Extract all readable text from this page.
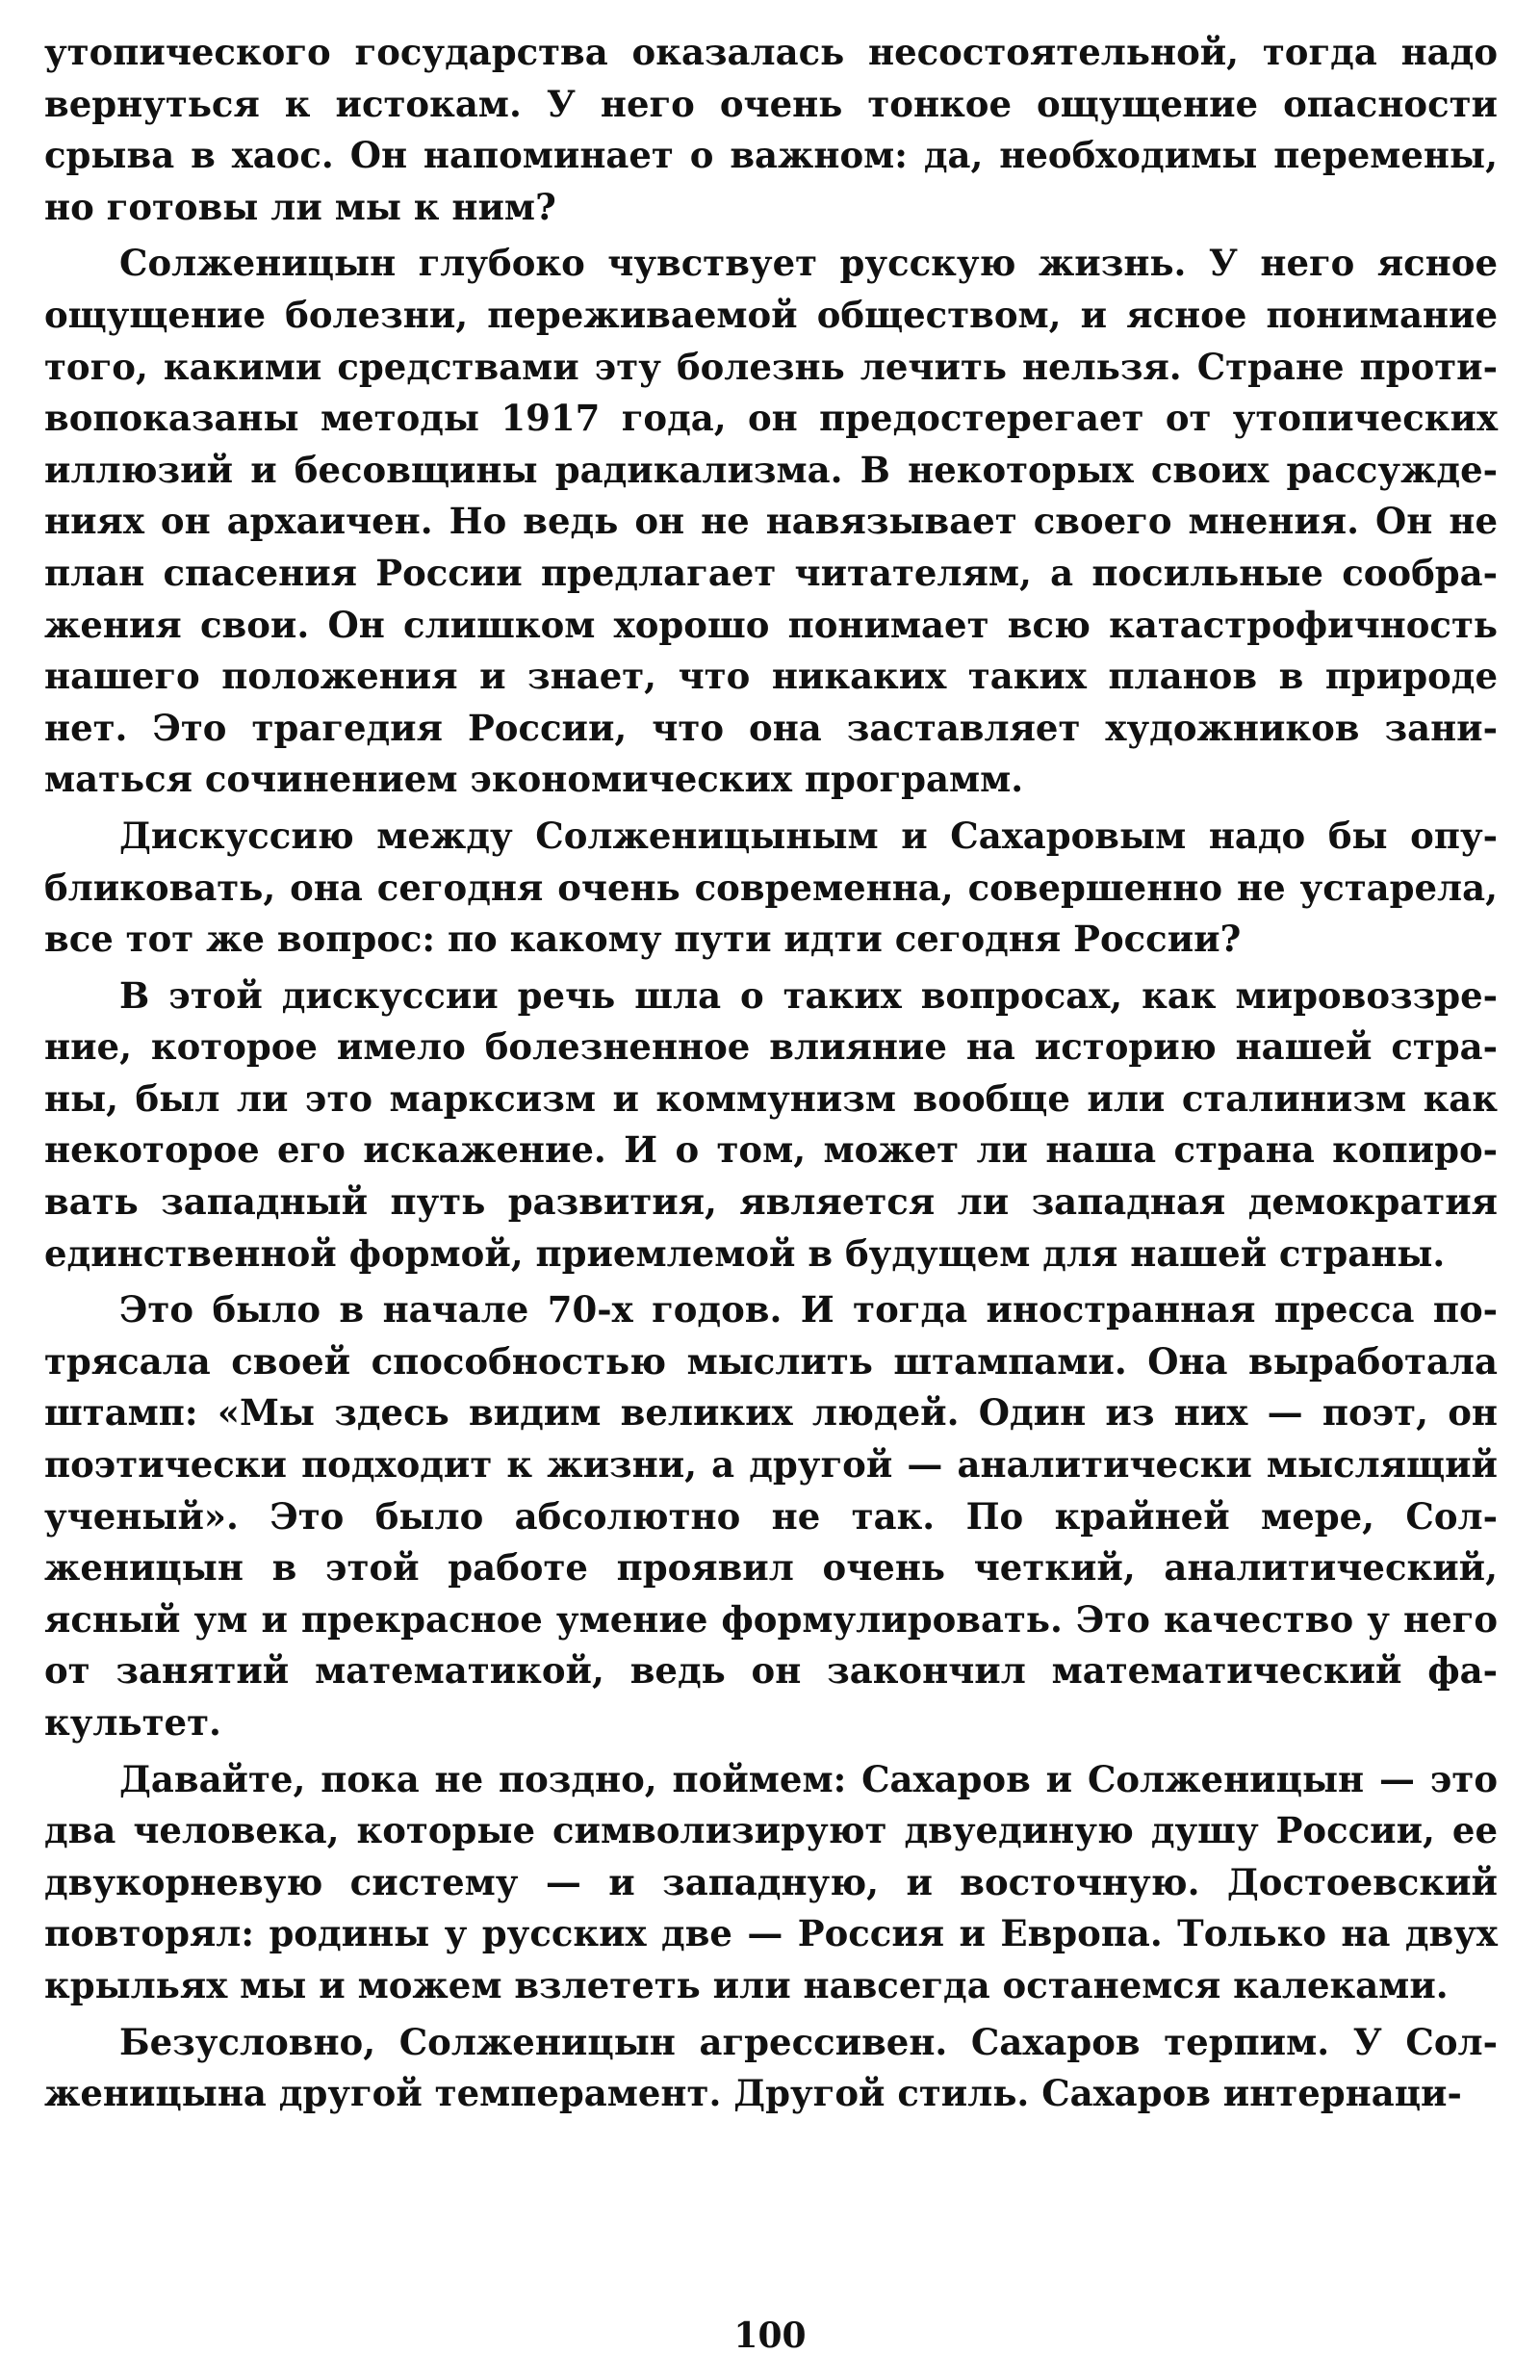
утопического государства оказалась несостоятельной, тогда надо вернуться к истокам. У него очень тонкое ощущение опасности срыва в хаос. Он напоминает о важном: да, необходимы перемены, но готовы ли мы к ним?

Солженицын глубоко чувствует русскую жизнь. У него ясное ощущение болезни, переживаемой обществом, и ясное понимание того, какими средствами эту болезнь лечить нельзя. Стране противопоказаны методы 1917 года, он предостерегает от утопических иллюзий и бесовщины радикализма. В некоторых своих рассуждениях он архаичен. Но ведь он не навязывает своего мнения. Он не план спасения России предлагает читателям, а посильные соображения свои. Он слишком хорошо понимает всю катастрофичность нашего положения и знает, что никаких таких планов в природе нет. Это трагедия России, что она заставляет художников заниматься сочинением экономических программ.

Дискуссию между Солженицыным и Сахаровым надо бы опубликовать, она сегодня очень современна, совершенно не устарела, все тот же вопрос: по какому пути идти сегодня России?

В этой дискуссии речь шла о таких вопросах, как мировоззрение, которое имело болезненное влияние на историю нашей страны, был ли это марксизм и коммунизм вообще или сталинизм как некоторое его искажение. И о том, может ли наша страна копировать западный путь развития, является ли западная демократия единственной формой, приемлемой в будущем для нашей страны.

Это было в начале 70-х годов. И тогда иностранная пресса потрясала своей способностью мыслить штампами. Она выработала штамп: «Мы здесь видим великих людей. Один из них — поэт, он поэтически подходит к жизни, а другой — аналитически мыслящий ученый». Это было абсолютно не так. По крайней мере, Солженицын в этой работе проявил очень четкий, аналитический, ясный ум и прекрасное умение формулировать. Это качество у него от занятий математикой, ведь он закончил математический факультет.

Давайте, пока не поздно, поймем: Сахаров и Солженицын — это два человека, которые символизируют двуединую душу России, ее двукорневую систему — и западную, и восточную. Достоевский повторял: родины у русских две — Россия и Европа. Только на двух крыльях мы и можем взлететь или навсегда останемся калеками.

Безусловно, Солженицын агрессивен. Сахаров терпим. У Солженицына другой темперамент. Другой стиль. Сахаров интернаци-

100
